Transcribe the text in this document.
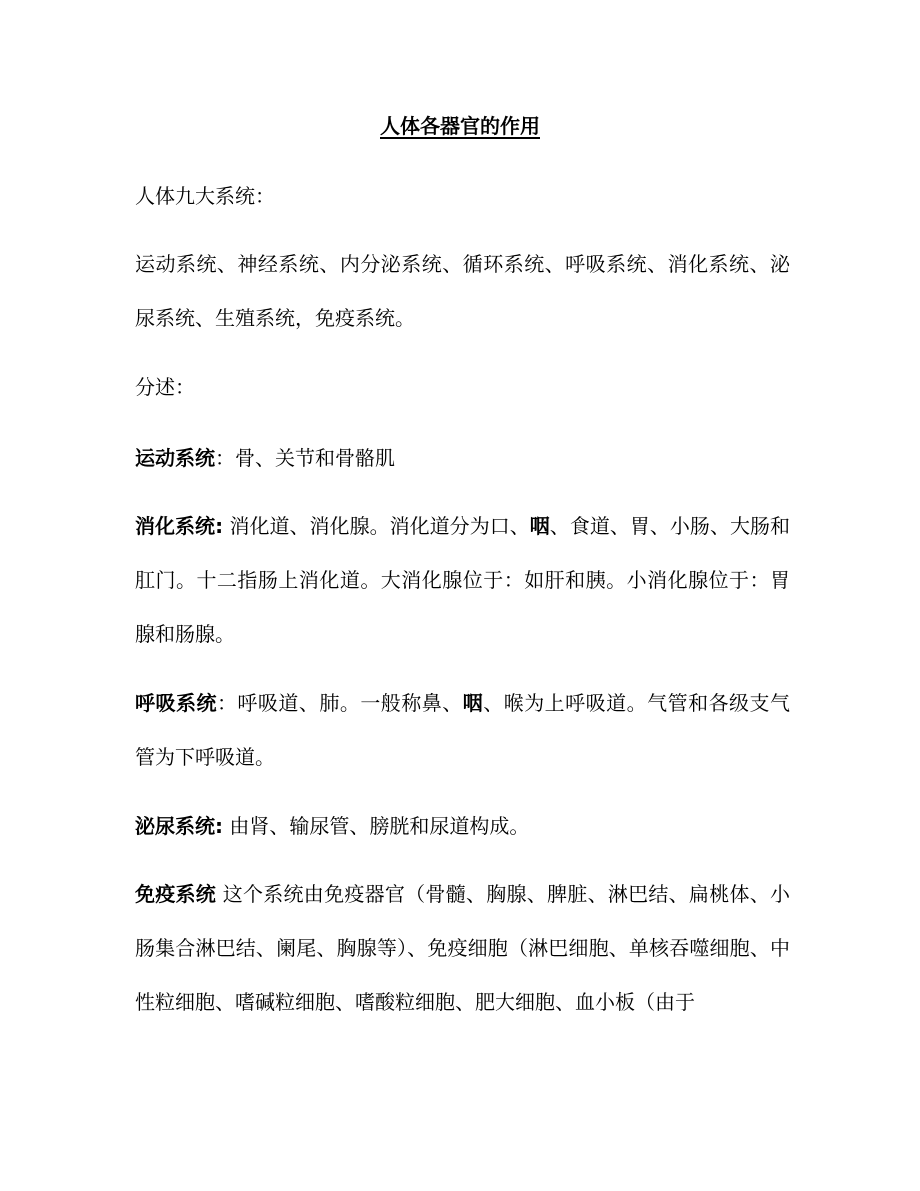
人体各器官的作用

人体九大系统：

运动系统、神经系统、内分泌系统、循环系统、呼吸系统、消化系统、泌尿系统、生殖系统，免疫系统。

分述：

运动系统：骨、关节和骨骼肌

消化系统: 消化道、消化腺。消化道分为口、咽、食道、胃、小肠、大肠和肛门。十二指肠上消化道。大消化腺位于：如肝和胰。小消化腺位于：胃腺和肠腺。

呼吸系统：呼吸道、肺。一般称鼻、咽、喉为上呼吸道。气管和各级支气管为下呼吸道。

泌尿系统: 由肾、输尿管、膀胱和尿道构成。

免疫系统 这个系统由免疫器官（骨髓、胸腺、脾脏、淋巴结、扁桃体、小肠集合淋巴结、阑尾、胸腺等）、免疫细胞（淋巴细胞、单核吞噬细胞、中性粒细胞、嗜碱粒细胞、嗜酸粒细胞、肥大细胞、血小板（由于
